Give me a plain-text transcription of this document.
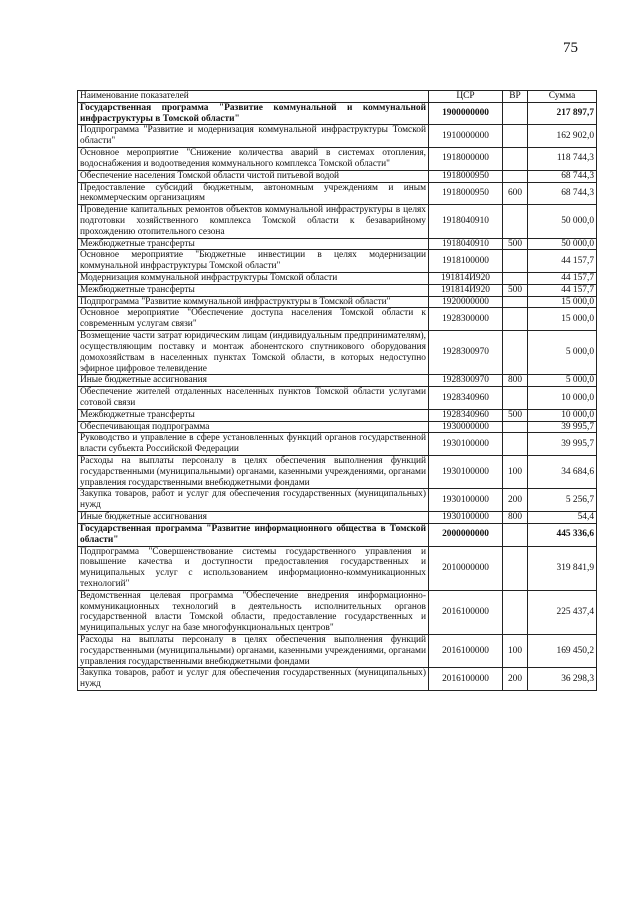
75
Наименование показателей	ЦСР	ВР	Сумма
Государственная программа "Развитие коммунальной и коммунальной инфраструктуры в Томской области"	1900000000		217 897,7
Подпрограмма "Развитие и модернизация коммунальной инфраструктуры Томской области"	1910000000		162 902,0
Основное мероприятие "Снижение количества аварий в системах отопления, водоснабжения и водоотведения коммунального комплекса Томской области"	1918000000		118 744,3
Обеспечение населения Томской области чистой питьевой водой	1918000950		68 744,3
Предоставление субсидий бюджетным, автономным учреждениям и иным некоммерческим организациям	1918000950	600	68 744,3
Проведение капитальных ремонтов объектов коммунальной инфраструктуры в целях подготовки хозяйственного комплекса Томской области к безаварийному прохождению отопительного сезона	1918040910		50 000,0
Межбюджетные трансферты	1918040910	500	50 000,0
Основное мероприятие "Бюджетные инвестиции в целях модернизации коммунальной инфраструктуры Томской области"	1918100000		44 157,7
Модернизация коммунальной инфраструктуры Томской области	191814И920		44 157,7
Межбюджетные трансферты	191814И920	500	44 157,7
Подпрограмма "Развитие коммунальной инфраструктуры в Томской области"	1920000000		15 000,0
Основное мероприятие "Обеспечение доступа населения Томской области к современным услугам связи"	1928300000		15 000,0
Возмещение части затрат юридическим лицам (индивидуальным предпринимателям), осуществляющим поставку и монтаж абонентского спутникового оборудования домохозяйствам в населенных пунктах Томской области, в которых недоступно эфирное цифровое телевидение	1928300970		5 000,0
Иные бюджетные ассигнования	1928300970	800	5 000,0
Обеспечение жителей отдаленных населенных пунктов Томской области услугами сотовой связи	1928340960		10 000,0
Межбюджетные трансферты	1928340960	500	10 000,0
Обеспечивающая подпрограмма	1930000000		39 995,7
Руководство и управление в сфере установленных функций органов государственной власти субъекта Российской Федерации	1930100000		39 995,7
Расходы на выплаты персоналу в целях обеспечения выполнения функций государственными (муниципальными) органами, казенными учреждениями, органами управления государственными внебюджетными фондами	1930100000	100	34 684,6
Закупка товаров, работ и услуг для обеспечения государственных (муниципальных) нужд	1930100000	200	5 256,7
Иные бюджетные ассигнования	1930100000	800	54,4
Государственная программа "Развитие информационного общества в Томской области"	2000000000		445 336,6
Подпрограмма "Совершенствование системы государственного управления и повышение качества и доступности предоставления государственных и муниципальных услуг с использованием информационно-коммуникационных технологий"	2010000000		319 841,9
Ведомственная целевая программа "Обеспечение внедрения информационно-коммуникационных технологий в деятельность исполнительных органов государственной власти Томской области, предоставление государственных и муниципальных услуг на базе многофункциональных центров"	2016100000		225 437,4
Расходы на выплаты персоналу в целях обеспечения выполнения функций государственными (муниципальными) органами, казенными учреждениями, органами управления государственными внебюджетными фондами	2016100000	100	169 450,2
Закупка товаров, работ и услуг для обеспечения государственных (муниципальных) нужд	2016100000	200	36 298,3
